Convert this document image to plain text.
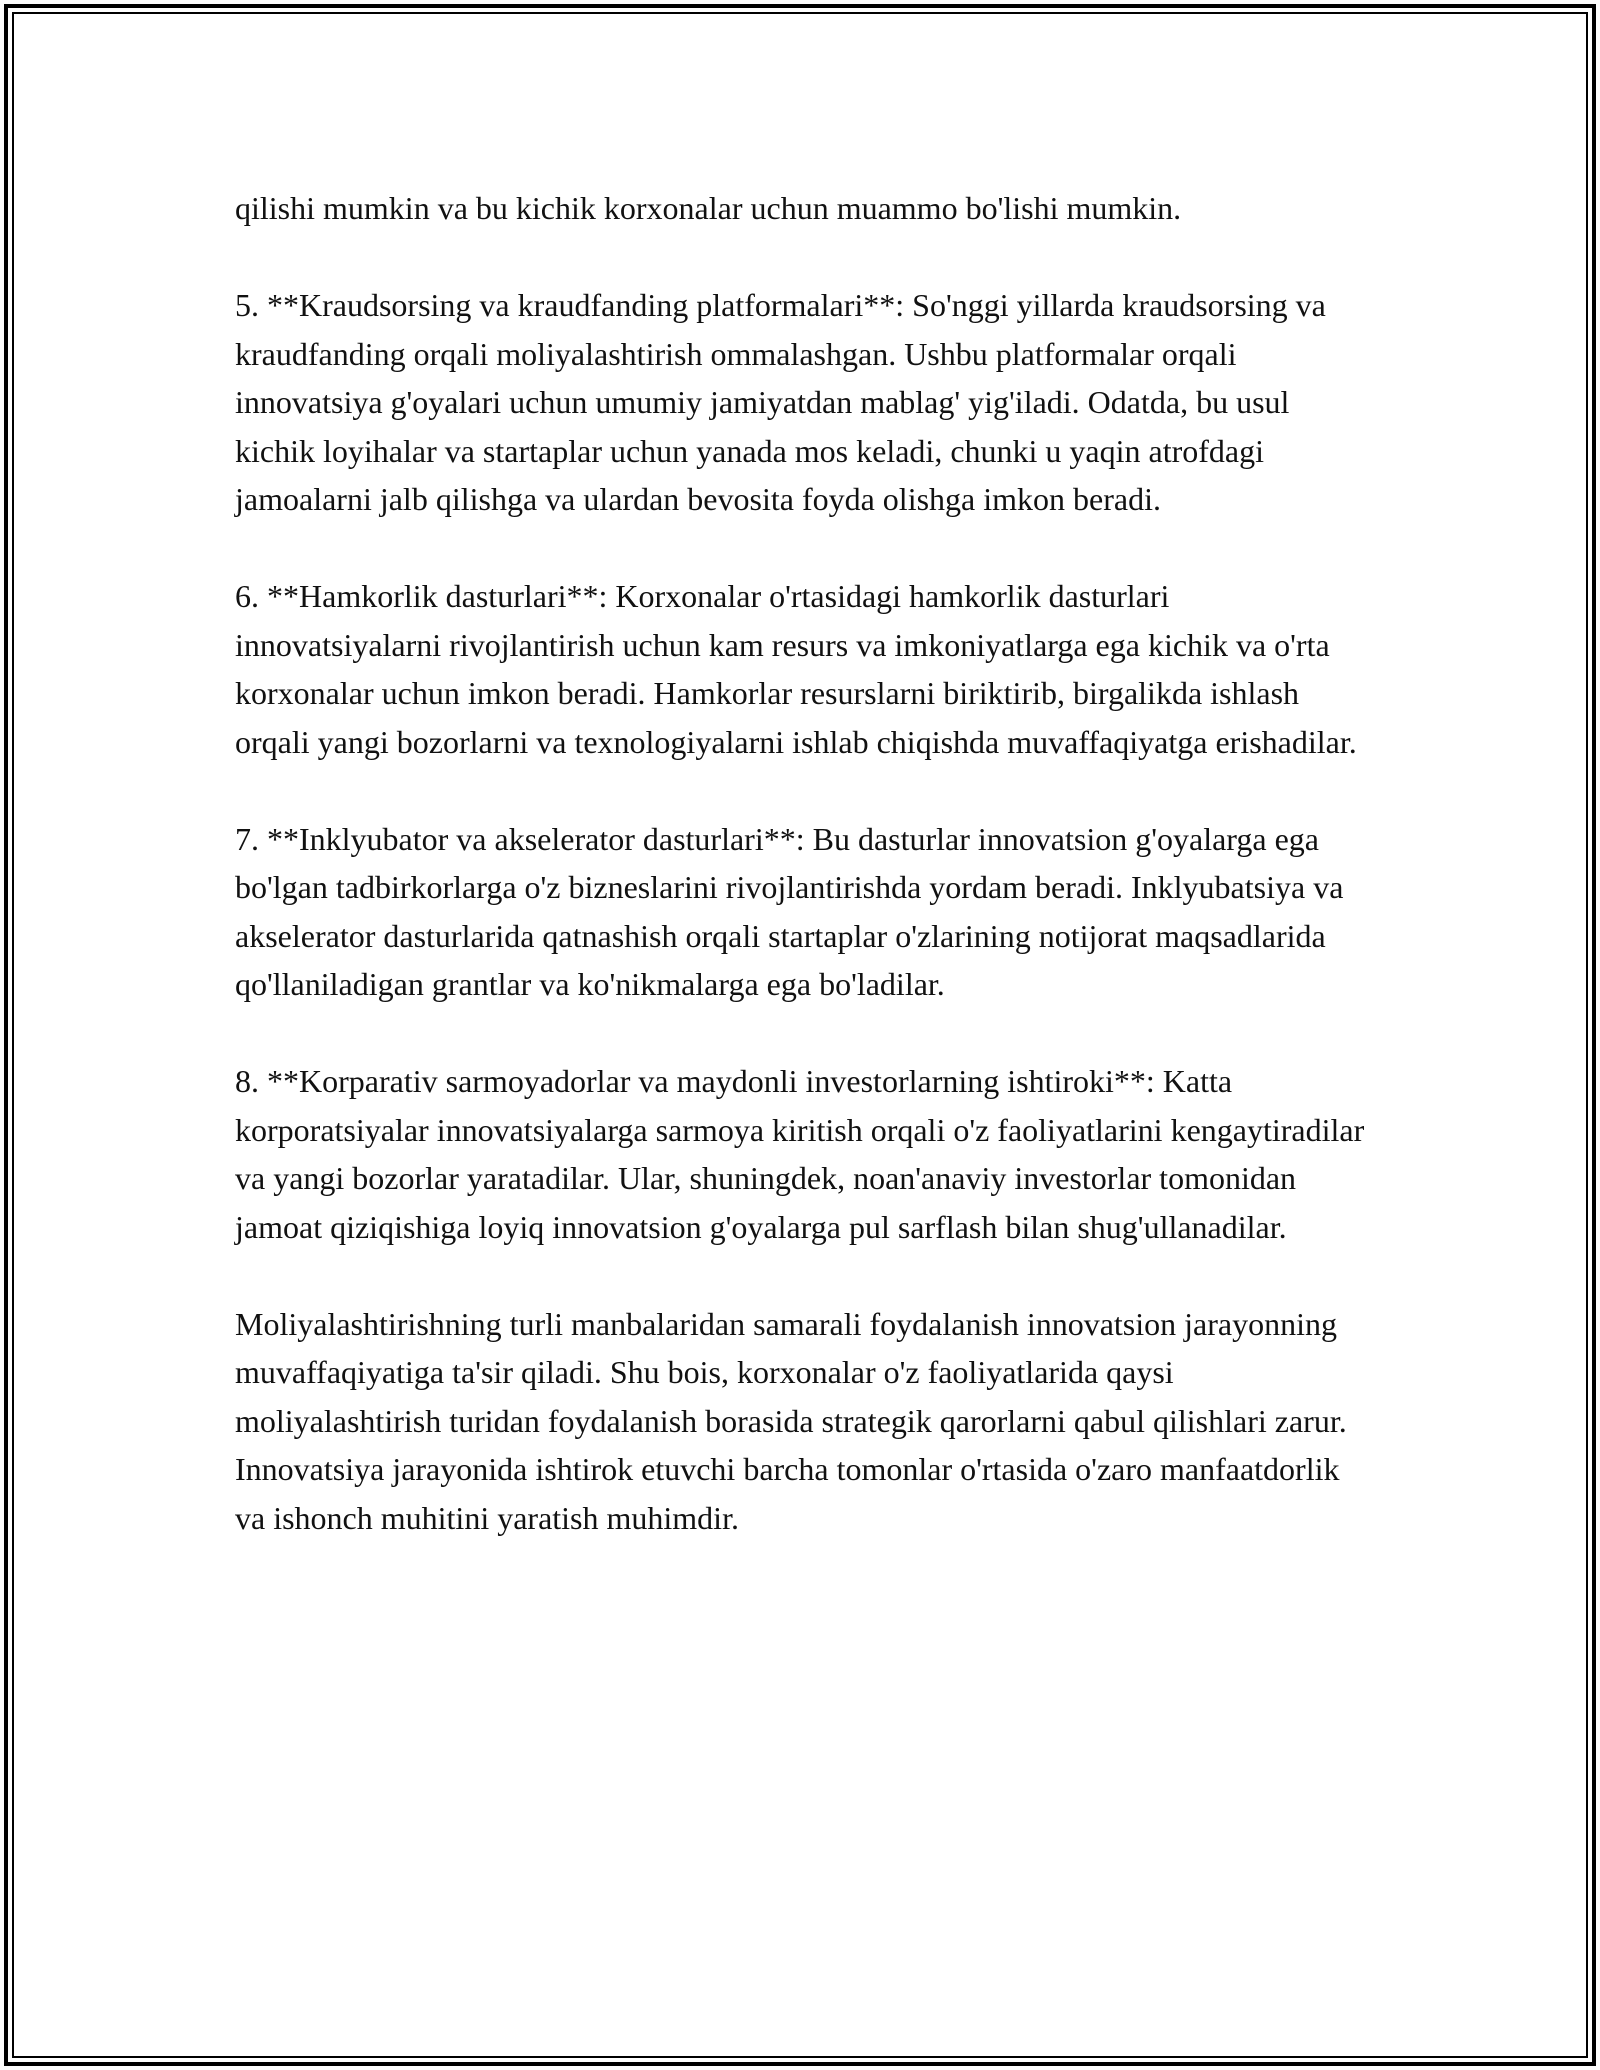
qilishi mumkin va bu kichik korxonalar uchun muammo bo'lishi mumkin.

5. **Kraudsorsing va kraudfanding platformalari**: So'nggi yillarda kraudsorsing va kraudfanding orqali moliyalashtirish ommalashgan. Ushbu platformalar orqali innovatsiya g'oyalari uchun umumiy jamiyatdan mablag' yig'iladi. Odatda, bu usul kichik loyihalar va startaplar uchun yanada mos keladi, chunki u yaqin atrofdagi jamoalarni jalb qilishga va ulardan bevosita foyda olishga imkon beradi.

6. **Hamkorlik dasturlari**: Korxonalar o'rtasidagi hamkorlik dasturlari innovatsiyalarni rivojlantirish uchun kam resurs va imkoniyatlarga ega kichik va o'rta korxonalar uchun imkon beradi. Hamkorlar resurslarni biriktirib, birgalikda ishlash orqali yangi bozorlarni va texnologiyalarni ishlab chiqishda muvaffaqiyatga erishadilar.

7. **Inklyubator va akselerator dasturlari**: Bu dasturlar innovatsion g'oyalarga ega bo'lgan tadbirkorlarga o'z bizneslarini rivojlantirishda yordam beradi. Inklyubatsiya va akselerator dasturlarida qatnashish orqali startaplar o'zlarining notijorat maqsadlarida qo'llaniladigan grantlar va ko'nikmalarga ega bo'ladilar.

8. **Korparativ sarmoyadorlar va maydonli investorlarning ishtiroki**: Katta korporatsiyalar innovatsiyalarga sarmoya kiritish orqali o'z faoliyatlarini kengaytiradilar va yangi bozorlar yaratadilar. Ular, shuningdek, noan'anaviy investorlar tomonidan jamoat qiziqishiga loyiq innovatsion g'oyalarga pul sarflash bilan shug'ullanadilar.

Moliyalashtirishning turli manbalaridan samarali foydalanish innovatsion jarayonning muvaffaqiyatiga ta'sir qiladi. Shu bois, korxonalar o'z faoliyatlarida qaysi moliyalashtirish turidan foydalanish borasida strategik qarorlarni qabul qilishlari zarur. Innovatsiya jarayonida ishtirok etuvchi barcha tomonlar o'rtasida o'zaro manfaatdorlik va ishonch muhitini yaratish muhimdir.
